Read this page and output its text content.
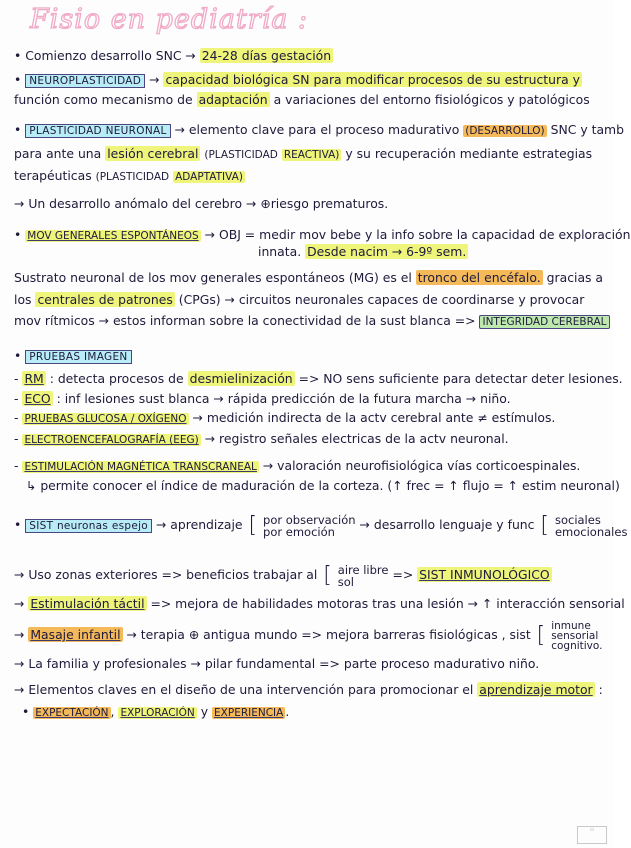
Fisio en pediatría :
• Comienzo desarrollo SNC → 24-28 días gestación
• NEUROPLASTICIDAD → capacidad biológica SN para modificar procesos de su estructura y
función como mecanismo de adaptación a variaciones del entorno fisiológicos y patológicos
• PLASTICIDAD NEURONAL → elemento clave para el proceso madurativo (DESARROLLO) SNC y tamb
para ante una lesión cerebral (PLASTICIDAD REACTIVA) y su recuperación mediante estrategias
terapéuticas (PLASTICIDAD ADAPTATIVA)
→ Un desarrollo anómalo del cerebro → ⊕riesgo prematuros.
• MOV GENERALES ESPONTÁNEOS → OBJ = medir mov bebe y la info sobre la capacidad de exploración
innata. Desde nacim → 6-9º sem.
Sustrato neuronal de los mov generales espontáneos (MG) es el tronco del encéfalo. gracias a
los centrales de patrones (CPGs) → circuitos neuronales capaces de coordinarse y provocar
mov rítmicos → estos informan sobre la conectividad de la sust blanca => INTEGRIDAD CEREBRAL
• PRUEBAS IMAGEN
- RM : detecta procesos de desmielinización => NO sens suficiente para detectar deter lesiones.
- ECO : inf lesiones sust blanca → rápida predicción de la futura marcha → niño.
- PRUEBAS GLUCOSA / OXÍGENO → medición indirecta de la actv cerebral ante ≠ estímulos.
- ELECTROENCEFALOGRAFÍA (EEG) → registro señales electricas de la actv neuronal.
- ESTIMULACIÓN MAGNÉTICA TRANSCRANEAL → valoración neurofisiológica vías corticoespinales.
↳ permite conocer el índice de maduración de la corteza. (↑ frec = ↑ flujo = ↑ estim neuronal)
• SIST neuronas espejo → aprendizaje [ por observación
por emoción → desarrollo lenguaje y func [ sociales
emocionales
→ Uso zonas exteriores => beneficios trabajar al [ aire libre
sol	=> SIST INMUNOLÓGICO
→ Estimulación táctil => mejora de habilidades motoras tras una lesión → ↑ interacción sensorial
→ Masaje infantil → terapia ⊕ antigua mundo => mejora barreras fisiológicas , sist [ inmune
sensorial
cognitivo.
→ La familia y profesionales → pilar fundamental => parte proceso madurativo niño.
→ Elementos claves en el diseño de una intervención para promocionar el aprendizaje motor :
• EXPECTACIÓN , EXPLORACIÓN y EXPERIENCIA .
▭
